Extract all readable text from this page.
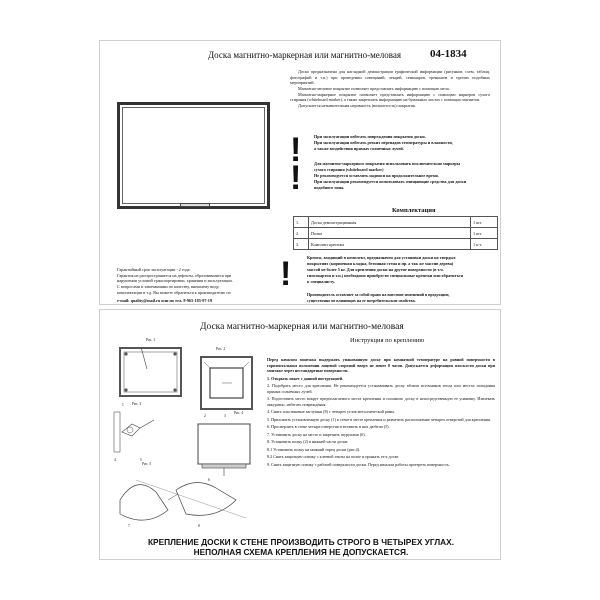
Доска магнитно-маркерная или магнитно-меловая	04-1834
Доска предназначена для наглядной демонстрации графической информации (рисунков, схем, таблиц, фотографий и т.п.) при проведении совещаний, лекций, семинаров, тренингов и прочих подобных мероприятий.
Магнитно-меловое покрытие позволяет представлять информацию с помощью мела.
Магнитно-маркерное покрытие позволяет представлять информацию с помощью маркеров сухого стирания (whiteboard marker), а также закреплять информацию на бумажных листах с помощью магнитов.
Допускается незначительная неровность (волнистость) покрытия.
!	При эксплуатации избегать повреждения покрытия доски.
При эксплуатации избегать резких перепадов температуры и влажности,
а также воздействия прямых солнечных лучей.
!	Для магнитно-маркерного покрытия использовать исключительно маркеры
сухого стирания (whiteboard marker)
Не рекомендуется оставлять надписи на продолжительное время.
При эксплуатации рекомендуется использовать очищающие средства для доски
подобного типа.
Комплектация
1.	Доска демонстрационная	1 шт.
2.	Полка	1 шт.
3.	Комплект крепежа	1 к-т.
Гарантийный срок эксплуатации - 2 года.
Гарантия не распространяется на дефекты, образовавшиеся при
нарушении условий транспортировки, хранения и эксплуатации.
С вопросами и замечаниями по качеству, внешнему виду,
комплектации и т.д. Вы можете обратиться к производителю по
e-mail: quality@mail.ru или по тел. 8-965-185-97-19
!	Крепеж, входящий в комплект, предназначен для установки доски на твердых
покрытиях (кирпичная кладка, бетонная стена и пр. а так же массив дерева)
массой не более 5 кг. Для крепления доски на другие поверхности (в т.ч.
гипсокартон и т.п.) необходимо приобрести специальные крепежи или обратиться
к специалисту.
Производитель оставляет за собой право на внесение изменений в продукцию,
существенно не влияющих на ее потребительские свойства.
Доска магнитно-маркерная или магнитно-меловая
Инструкция по креплению
Рис. 1
1
Рис. 2
2	3
Рис. 3
4	5
Рис. 4
6
Рис. 5
7	8
Перед началом монтажа выдержать упакованную доску при комнатной температуре на ровной поверхности в горизонтальном положении лицевой стороной вверх не менее 8 часов. Допускается деформация плоскости доски при монтаже через нестандартные поверхности.
1. Открыть пакет с данной инструкцией.
2. Подобрать место для крепления. Не рекомендуется устанавливать доску вблизи источников тепла или местах попадания прямых солнечных лучей.
3. Подготовить место вокруг предполагаемого места крепления и положить доску в непосредственную ее упаковку. Извлекать аккуратно, избегать повреждения.
4. Снять пластиковые заглушки (8) с четырех углов металлической рамы.
5. Приложить установленную доску (1) к стене в месте крепления и разметить расположение четырех отверстий для крепления.
6. Просверлить в стене четыре отверстия и вставить в них дюбели (5).
7. Установить доску на место и закрепить шурупами (6).
8. Установить полку (2) в нижней части доски.
8.1 Установить полку на нижний торец доски (рис.4).
8.2 Снять защитную пленку с клеевой ленты на полке и прижать ее к доске.
9. Снять защитную пленку с рабочей поверхности доски. Перед началом работы протереть поверхность.
КРЕПЛЕНИЕ ДОСКИ К СТЕНЕ ПРОИЗВОДИТЬ СТРОГО В ЧЕТЫРЕХ УГЛАХ.
НЕПОЛНАЯ СХЕМА КРЕПЛЕНИЯ НЕ ДОПУСКАЕТСЯ.
